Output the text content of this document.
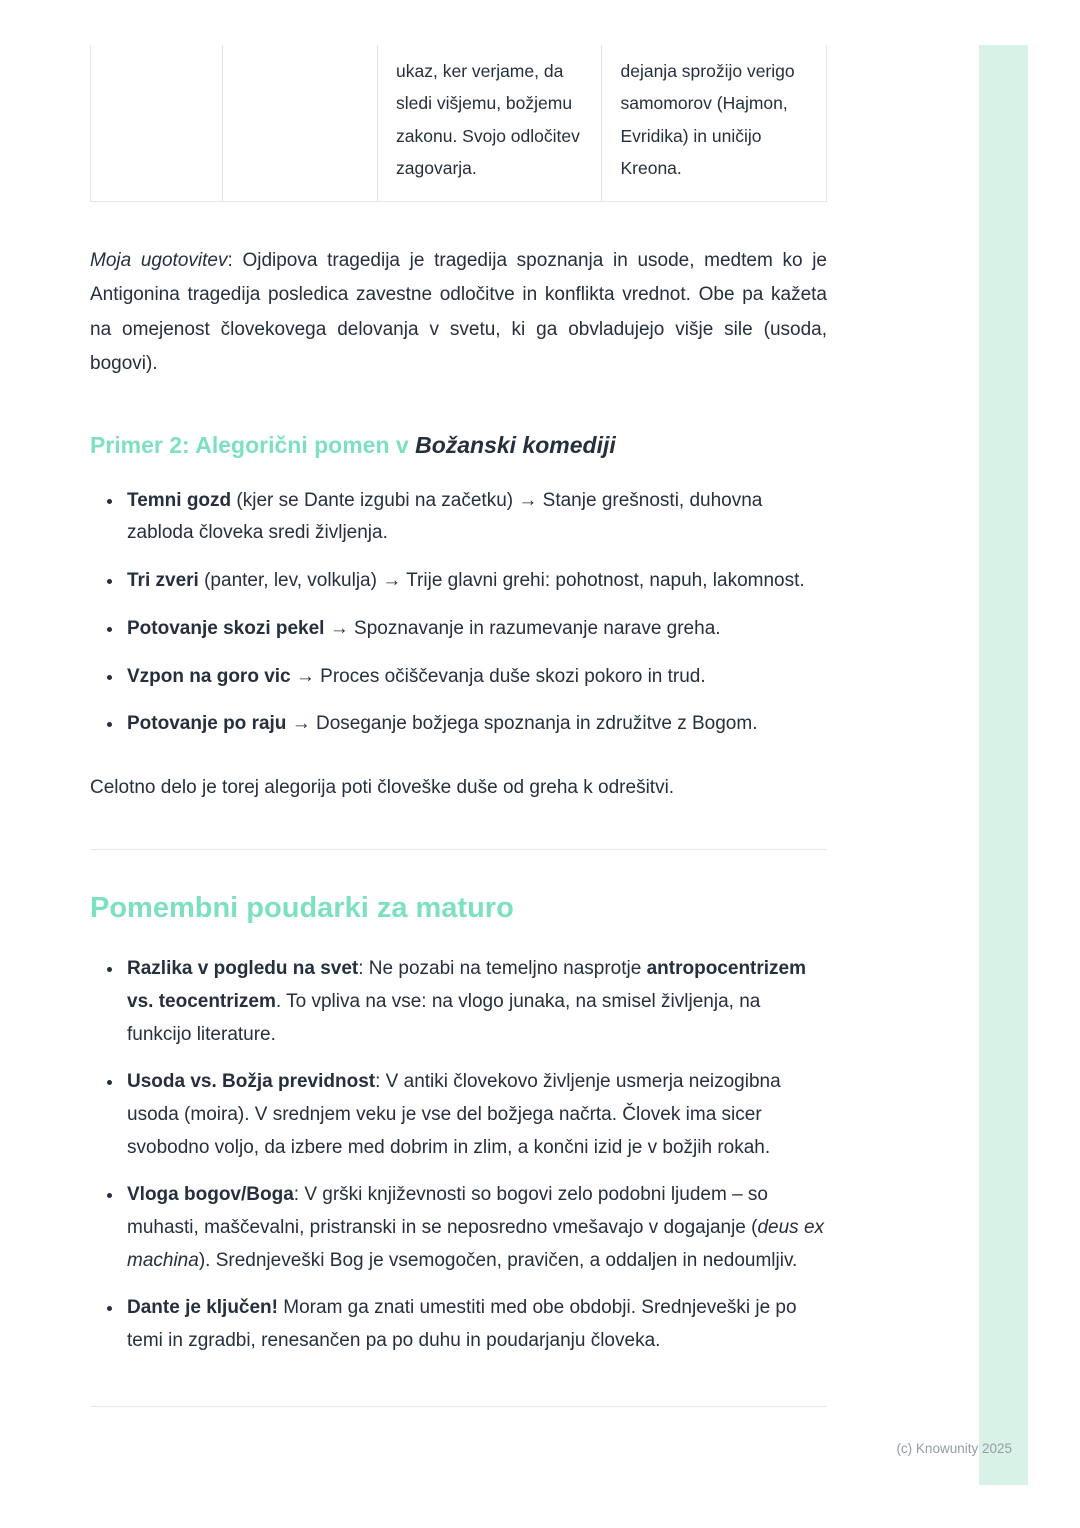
		ukaz, ker verjame, da sledi višjemu, božjemu zakonu. Svojo odločitev zagovarja.	dejanja sprožijo verigo samomorov (Hajmon, Evridika) in uničijo Kreona.

Moja ugotovitev: Ojdipova tragedija je tragedija spoznanja in usode, medtem ko je Antigonina tragedija posledica zavestne odločitve in konflikta vrednot. Obe pa kažeta na omejenost človekovega delovanja v svetu, ki ga obvladujejo višje sile (usoda, bogovi).

Primer 2: Alegorični pomen v Božanski komediji
• Temni gozd (kjer se Dante izgubi na začetku) → Stanje grešnosti, duhovna zabloda človeka sredi življenja.
• Tri zveri (panter, lev, volkulja) → Trije glavni grehi: pohotnost, napuh, lakomnost.
• Potovanje skozi pekel → Spoznavanje in razumevanje narave greha.
• Vzpon na goro vic → Proces očiščevanja duše skozi pokoro in trud.
• Potovanje po raju → Doseganje božjega spoznanja in združitve z Bogom.

Celotno delo je torej alegorija poti človeške duše od greha k odrešitvi.

Pomembni poudarki za maturo
• Razlika v pogledu na svet: Ne pozabi na temeljno nasprotje antropocentrizem vs. teocentrizem. To vpliva na vse: na vlogo junaka, na smisel življenja, na funkcijo literature.
• Usoda vs. Božja previdnost: V antiki človekovo življenje usmerja neizogibna usoda (moira). V srednjem veku je vse del božjega načrta. Človek ima sicer svobodno voljo, da izbere med dobrim in zlim, a končni izid je v božjih rokah.
• Vloga bogov/Boga: V grški književnosti so bogovi zelo podobni ljudem – so muhasti, maščevalni, pristranski in se neposredno vmešavajo v dogajanje (deus ex machina). Srednjeveški Bog je vsemogočen, pravičen, a oddaljen in nedoumljiv.
• Dante je ključen! Moram ga znati umestiti med obe obdobji. Srednjeveški je po temi in zgradbi, renesančen pa po duhu in poudarjanju človeka.
(c) Knowunity 2025
